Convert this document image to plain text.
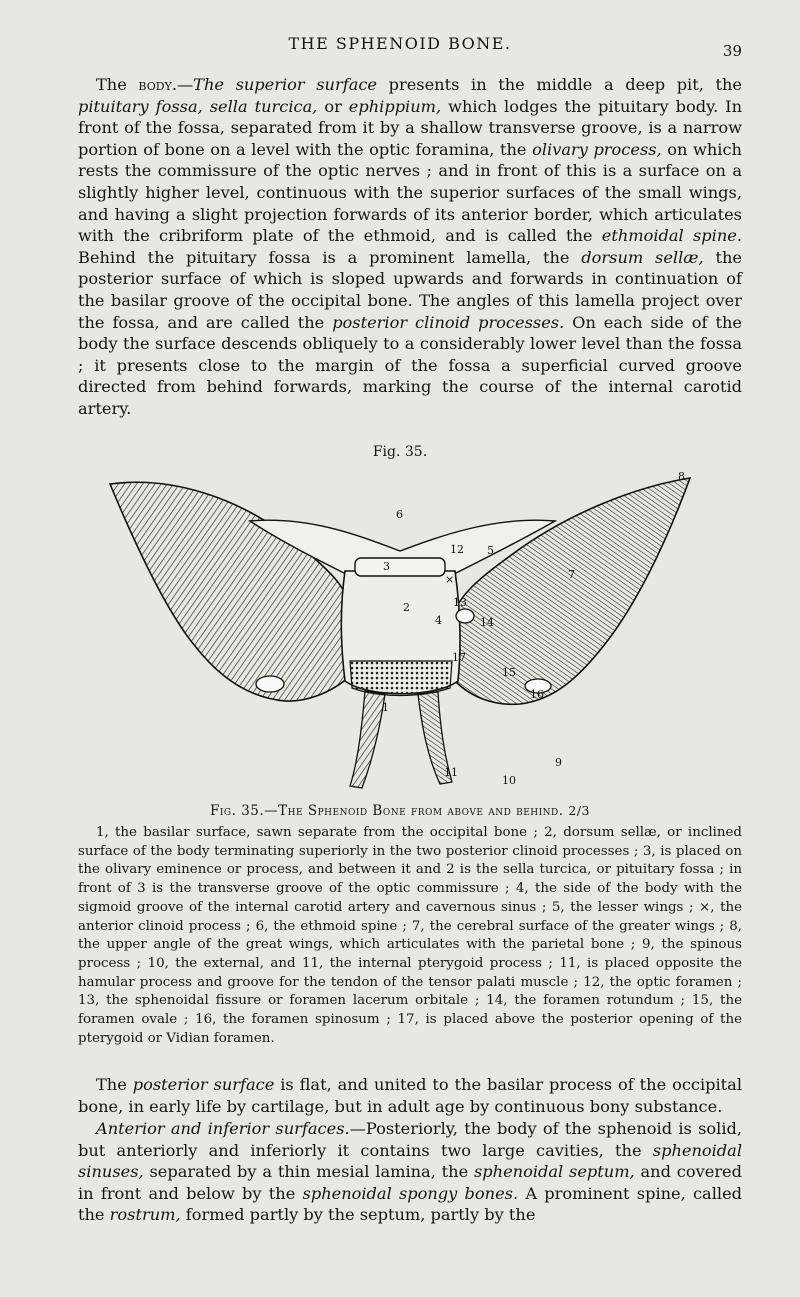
THE SPHENOID BONE.	39

The body.—The superior surface presents in the middle a deep pit, the pituitary fossa, sella turcica, or ephippium, which lodges the pituitary body. In front of the fossa, separated from it by a shallow transverse groove, is a narrow portion of bone on a level with the optic foramina, the olivary process, on which rests the commissure of the optic nerves ; and in front of this is a surface on a slightly higher level, continuous with the superior surfaces of the small wings, and having a slight projection forwards of its anterior border, which articulates with the cribriform plate of the ethmoid, and is called the ethmoidal spine. Behind the pituitary fossa is a prominent lamella, the dorsum sellæ, the posterior surface of which is sloped upwards and forwards in continuation of the basilar groove of the occipital bone. The angles of this lamella project over the fossa, and are called the posterior clinoid processes. On each side of the body the surface descends obliquely to a considerably lower level than the fossa ; it presents close to the margin of the fossa a superficial curved groove directed from behind forwards, marking the course of the internal carotid artery.

Fig. 35.
1
2
3
4
5
6
7
8
9
10
11
12
13
14
15
16
17
×
Fig. 35.—The Sphenoid Bone from above and behind. 2/3

1, the basilar surface, sawn separate from the occipital bone ; 2, dorsum sellæ, or inclined surface of the body terminating superiorly in the two posterior clinoid processes ; 3, is placed on the olivary eminence or process, and between it and 2 is the sella turcica, or pituitary fossa ; in front of 3 is the transverse groove of the optic commissure ; 4, the side of the body with the sigmoid groove of the internal carotid artery and cavernous sinus ; 5, the lesser wings ; ×, the anterior clinoid process ; 6, the ethmoid spine ; 7, the cerebral surface of the greater wings ; 8, the upper angle of the great wings, which articulates with the parietal bone ; 9, the spinous process ; 10, the external, and 11, the internal pterygoid process ; 11, is placed opposite the hamular process and groove for the tendon of the tensor palati muscle ; 12, the optic foramen ; 13, the sphenoidal fissure or foramen lacerum orbitale ; 14, the foramen rotundum ; 15, the foramen ovale ; 16, the foramen spinosum ; 17, is placed above the posterior opening of the pterygoid or Vidian foramen.

The posterior surface is flat, and united to the basilar process of the occipital bone, in early life by cartilage, but in adult age by continuous bony substance.

Anterior and inferior surfaces.—Posteriorly, the body of the sphenoid is solid, but anteriorly and inferiorly it contains two large cavities, the sphenoidal sinuses, separated by a thin mesial lamina, the sphenoidal septum, and covered in front and below by the sphenoidal spongy bones. A prominent spine, called the rostrum, formed partly by the septum, partly by the
